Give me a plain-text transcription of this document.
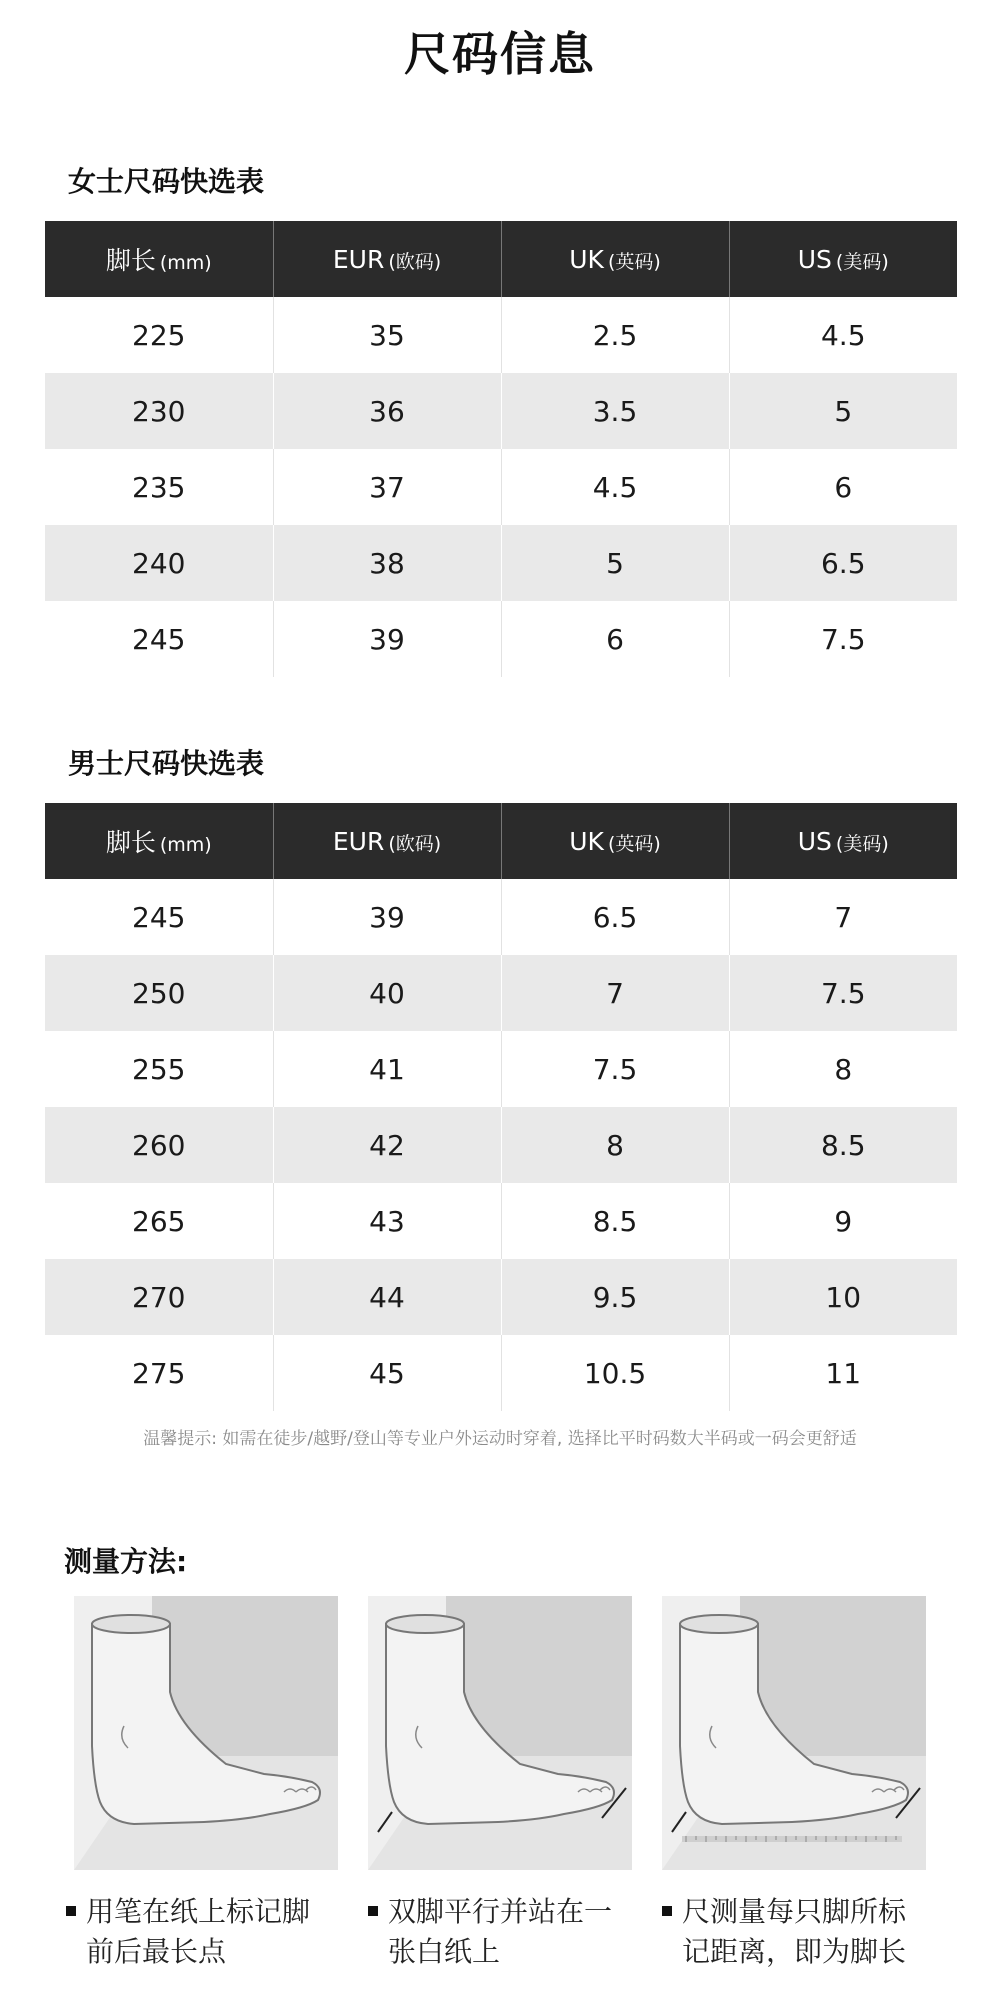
尺码信息
女士尺码快选表
脚长 (mm)	EUR (欧码)	UK (英码)	US (美码)
225	35	2.5	4.5
230	36	3.5	5
235	37	4.5	6
240	38	5	6.5
245	39	6	7.5
男士尺码快选表
脚长 (mm)	EUR (欧码)	UK (英码)	US (美码)
245	39	6.5	7
250	40	7	7.5
255	41	7.5	8
260	42	8	8.5
265	43	8.5	9
270	44	9.5	10
275	45	10.5	11
温馨提示: 如需在徒步/越野/登山等专业户外运动时穿着, 选择比平时码数大半码或一码会更舒适
测量方法:
用笔在纸上标记脚前后最长点
双脚平行并站在一张白纸上
尺测量每只脚所标记距离，即为脚长
